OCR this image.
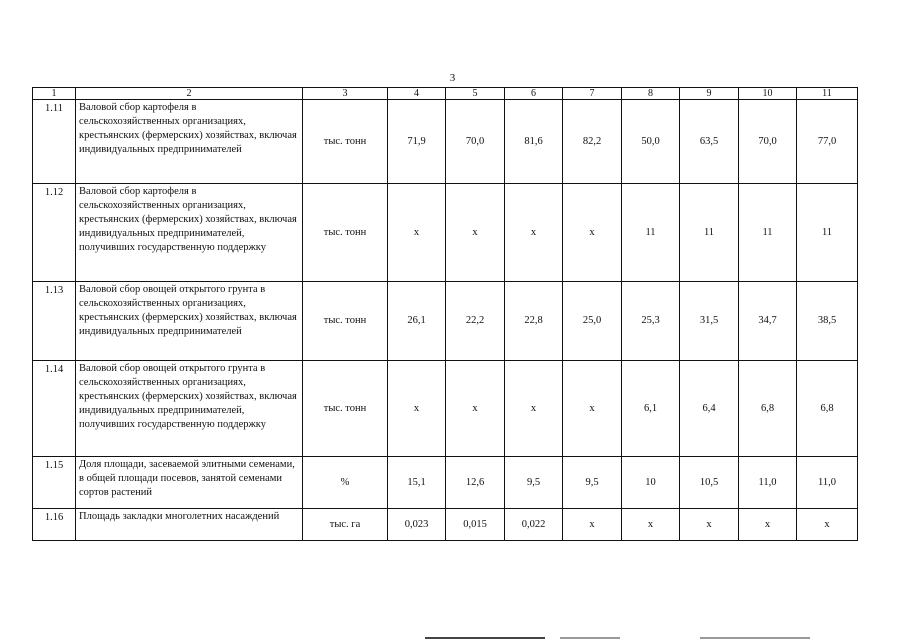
3
1	2	3	4	5	6	7	8	9	10	11
1.11	Валовой сбор картофеля в сельскохозяйственных организациях, крестьянских (фермерских) хозяйствах, включая индивидуальных предпринимателей	тыс. тонн	71,9	70,0	81,6	82,2	50,0	63,5	70,0	77,0
1.12	Валовой сбор картофеля в сельскохозяйственных организациях, крестьянских (фермерских) хозяйствах, включая индивидуальных предпринимателей, получивших государственную поддержку	тыс. тонн	x	x	x	x	11	11	11	11
1.13	Валовой сбор овощей открытого грунта в сельскохозяйственных организациях, крестьянских (фермерских) хозяйствах, включая индивидуальных предпринимателей	тыс. тонн	26,1	22,2	22,8	25,0	25,3	31,5	34,7	38,5
1.14	Валовой сбор овощей открытого грунта в сельскохозяйственных организациях, крестьянских (фермерских) хозяйствах, включая индивидуальных предпринимателей, получивших государственную поддержку	тыс. тонн	x	x	x	x	6,1	6,4	6,8	6,8
1.15	Доля площади, засеваемой элитными семенами, в общей площади посевов, занятой семенами сортов растений	%	15,1	12,6	9,5	9,5	10	10,5	11,0	11,0
1.16	Площадь закладки многолетних насаждений	тыс. га	0,023	0,015	0,022	x	x	x	x	x
